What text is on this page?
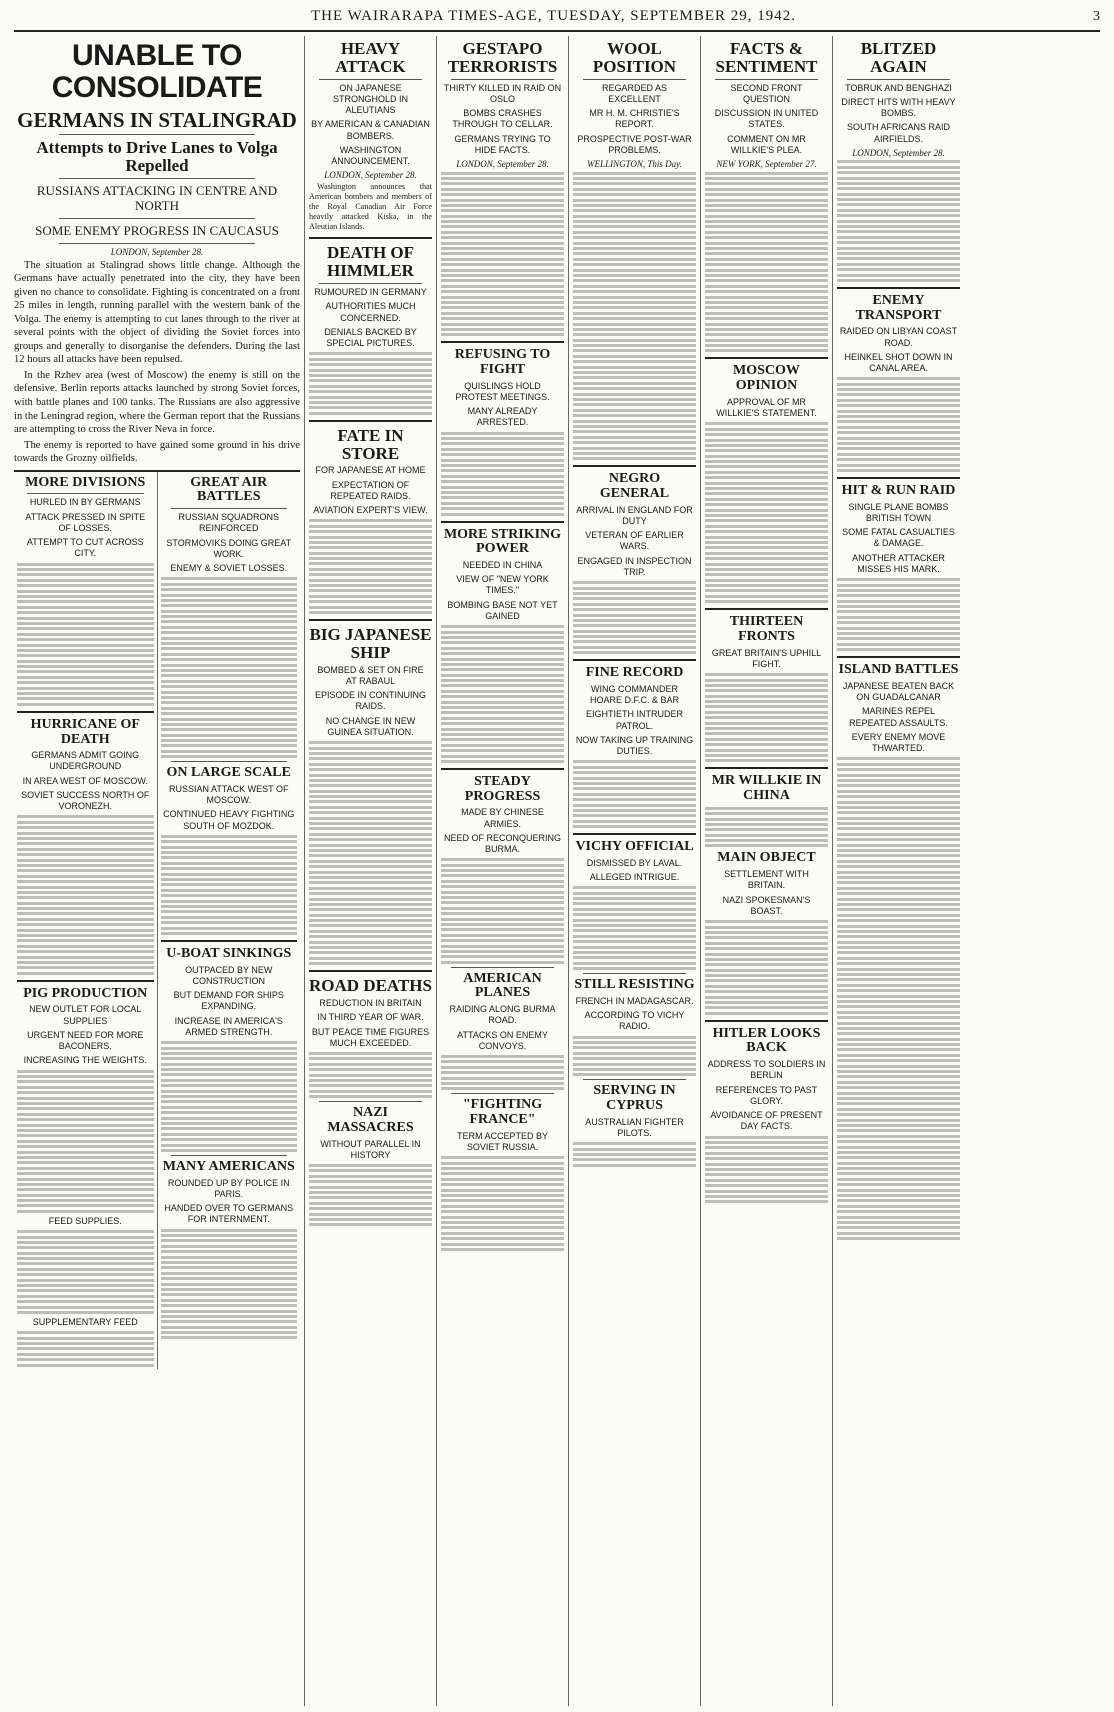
THE WAIRARAPA TIMES-AGE, TUESDAY, SEPTEMBER 29, 1942.	3
UNABLE TO CONSOLIDATE
GERMANS IN STALINGRAD
Attempts to Drive Lanes to Volga Repelled
RUSSIANS ATTACKING IN CENTRE AND NORTH
SOME ENEMY PROGRESS IN CAUCASUS
LONDON, September 28.

The situation at Stalingrad shows little change. Although the Germans have actually penetrated into the city, they have been given no chance to consolidate. Fighting is concentrated on a front 25 miles in length, running parallel with the western bank of the Volga. The enemy is attempting to cut lanes through to the river at several points with the object of dividing the Soviet forces into groups and generally to disorganise the defenders. During the last 12 hours all attacks have been repulsed.

In the Rzhev area (west of Moscow) the enemy is still on the defensive. Berlin reports attacks launched by strong Soviet forces, with battle planes and 100 tanks. The Russians are also aggressive in the Leningrad region, where the German report that the Russians are attempting to cross the River Neva in force.

The enemy is reported to have gained some ground in his drive towards the Grozny oilfields.

MORE DIVISIONS
HURLED IN BY GERMANS
ATTACK PRESSED IN SPITE OF LOSSES.
ATTEMPT TO CUT ACROSS CITY.
HURRICANE OF DEATH
GERMANS ADMIT GOING UNDERGROUND
IN AREA WEST OF MOSCOW.
SOVIET SUCCESS NORTH OF VORONEZH.
PIG PRODUCTION
NEW OUTLET FOR LOCAL SUPPLIES
URGENT NEED FOR MORE BACONERS.
INCREASING THE WEIGHTS.
FEED SUPPLIES.
SUPPLEMENTARY FEED
GREAT AIR BATTLES
RUSSIAN SQUADRONS REINFORCED
STORMOVIKS DOING GREAT WORK.
ENEMY & SOVIET LOSSES.
ON LARGE SCALE
RUSSIAN ATTACK WEST OF MOSCOW.
CONTINUED HEAVY FIGHTING SOUTH OF MOZDOK.
U-BOAT SINKINGS
OUTPACED BY NEW CONSTRUCTION
BUT DEMAND FOR SHIPS EXPANDING.
INCREASE IN AMERICA'S ARMED STRENGTH.
MANY AMERICANS
ROUNDED UP BY POLICE IN PARIS.
HANDED OVER TO GERMANS FOR INTERNMENT.
HEAVY ATTACK
ON JAPANESE STRONGHOLD IN ALEUTIANS
BY AMERICAN & CANADIAN BOMBERS.
WASHINGTON ANNOUNCEMENT.
LONDON, September 28.

Washington announces that American bombers and members of the Royal Canadian Air Force heavily attacked Kiska, in the Aleutian Islands.

DEATH OF HIMMLER
RUMOURED IN GERMANY
AUTHORITIES MUCH CONCERNED.
DENIALS BACKED BY SPECIAL PICTURES.
FATE IN STORE
FOR JAPANESE AT HOME
EXPECTATION OF REPEATED RAIDS.
AVIATION EXPERT'S VIEW.
BIG JAPANESE SHIP
BOMBED & SET ON FIRE AT RABAUL
EPISODE IN CONTINUING RAIDS.
NO CHANGE IN NEW GUINEA SITUATION.
ROAD DEATHS
REDUCTION IN BRITAIN
IN THIRD YEAR OF WAR.
BUT PEACE TIME FIGURES MUCH EXCEEDED.
NAZI MASSACRES
WITHOUT PARALLEL IN HISTORY
GESTAPO TERRORISTS
THIRTY KILLED IN RAID ON OSLO
BOMBS CRASHES THROUGH TO CELLAR.
GERMANS TRYING TO HIDE FACTS.
LONDON, September 28.
REFUSING TO FIGHT
QUISLINGS HOLD PROTEST MEETINGS.
MANY ALREADY ARRESTED.
MORE STRIKING POWER
NEEDED IN CHINA
VIEW OF "NEW YORK TIMES."
BOMBING BASE NOT YET GAINED
STEADY PROGRESS
MADE BY CHINESE ARMIES.
NEED OF RECONQUERING BURMA.
AMERICAN PLANES
RAIDING ALONG BURMA ROAD.
ATTACKS ON ENEMY CONVOYS.
"FIGHTING FRANCE"
TERM ACCEPTED BY SOVIET RUSSIA.
WOOL POSITION
REGARDED AS EXCELLENT
MR H. M. CHRISTIE'S REPORT.
PROSPECTIVE POST-WAR PROBLEMS.
WELLINGTON, This Day.
NEGRO GENERAL
ARRIVAL IN ENGLAND FOR DUTY
VETERAN OF EARLIER WARS.
ENGAGED IN INSPECTION TRIP.
FINE RECORD
WING COMMANDER HOARE D.F.C. & BAR
EIGHTIETH INTRUDER PATROL.
NOW TAKING UP TRAINING DUTIES.
VICHY OFFICIAL
DISMISSED BY LAVAL.
ALLEGED INTRIGUE.
STILL RESISTING
FRENCH IN MADAGASCAR.
ACCORDING TO VICHY RADIO.
SERVING IN CYPRUS
AUSTRALIAN FIGHTER PILOTS.
FACTS & SENTIMENT
SECOND FRONT QUESTION
DISCUSSION IN UNITED STATES.
COMMENT ON MR WILLKIE'S PLEA.
NEW YORK, September 27.
MOSCOW OPINION
APPROVAL OF MR WILLKIE'S STATEMENT.
THIRTEEN FRONTS
GREAT BRITAIN'S UPHILL FIGHT.
MR WILLKIE IN CHINA
MAIN OBJECT
SETTLEMENT WITH BRITAIN.
NAZI SPOKESMAN'S BOAST.
HITLER LOOKS BACK
ADDRESS TO SOLDIERS IN BERLIN
REFERENCES TO PAST GLORY.
AVOIDANCE OF PRESENT DAY FACTS.
BLITZED AGAIN
TOBRUK AND BENGHAZI
DIRECT HITS WITH HEAVY BOMBS.
SOUTH AFRICANS RAID AIRFIELDS.
LONDON, September 28.
ENEMY TRANSPORT
RAIDED ON LIBYAN COAST ROAD.
HEINKEL SHOT DOWN IN CANAL AREA.
HIT & RUN RAID
SINGLE PLANE BOMBS BRITISH TOWN
SOME FATAL CASUALTIES & DAMAGE.
ANOTHER ATTACKER MISSES HIS MARK.
ISLAND BATTLES
JAPANESE BEATEN BACK ON GUADALCANAR
MARINES REPEL REPEATED ASSAULTS.
EVERY ENEMY MOVE THWARTED.
